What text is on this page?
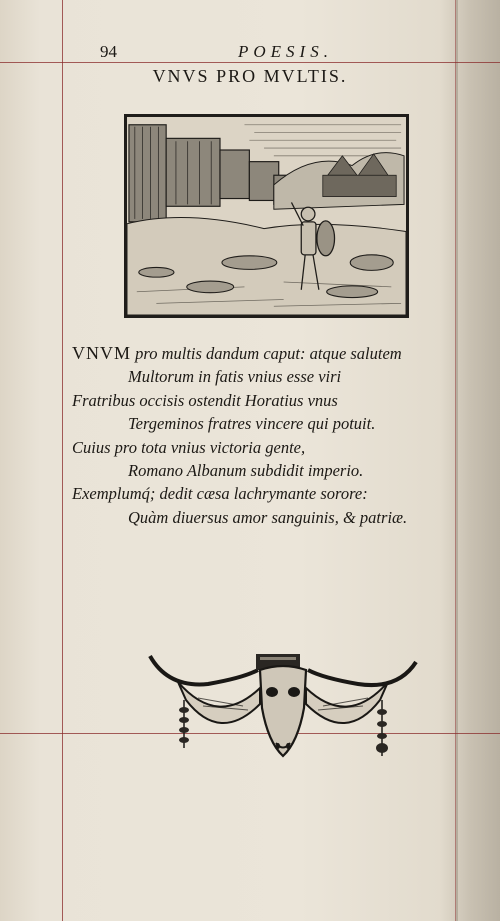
94	POESIS.
VNVS PRO MVLTIS.
VNVM pro multis dandum caput: atque salutem
Multorum in fatis vnius esse viri
Fratribus occisis ostendit Horatius vnus
Tergeminos fratres vincere qui potuit.
Cuius pro tota vnius victoria gente,
Romano Albanum subdidit imperio.
Exemplumq́; dedit cæsa lachrymante sorore:
Quàm diuersus amor sanguinis, & patriæ.
